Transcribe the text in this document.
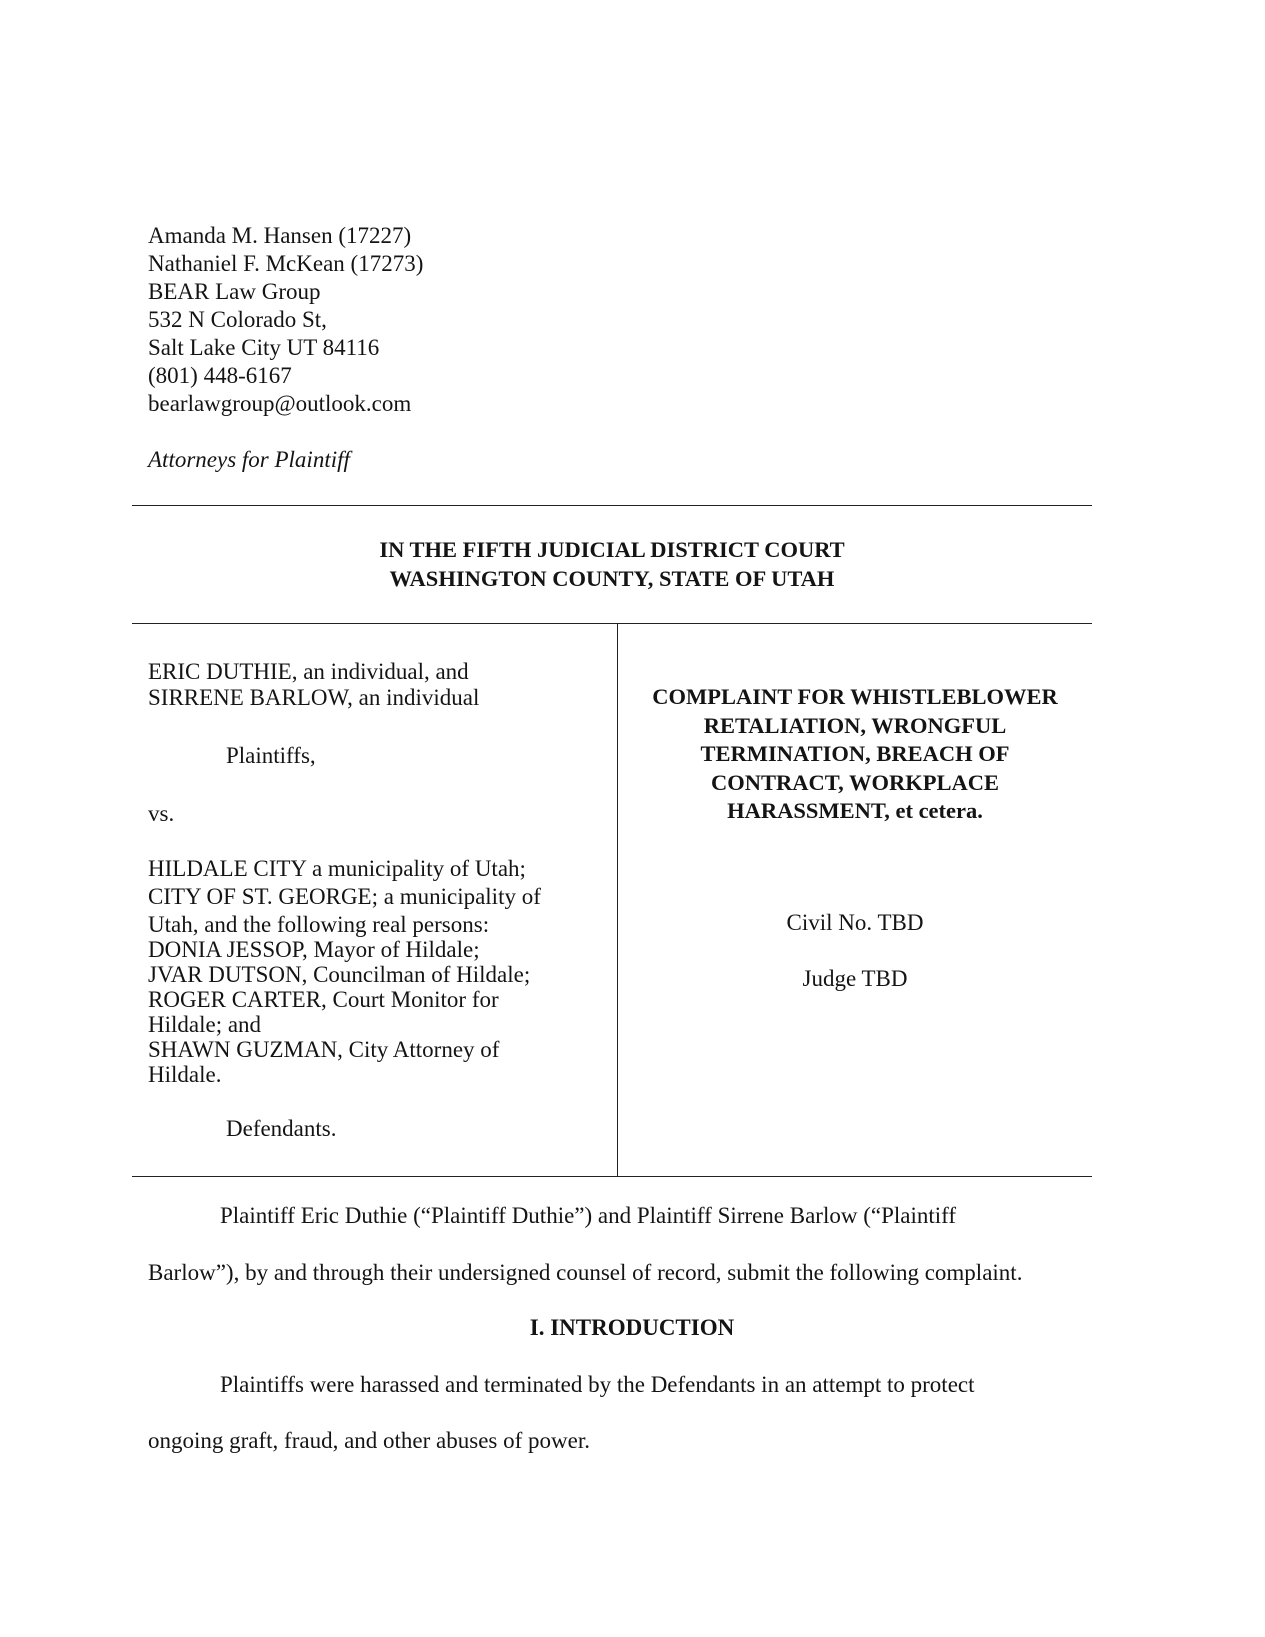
Amanda M. Hansen (17227)
Nathaniel F. McKean (17273)
BEAR Law Group
532 N Colorado St,
Salt Lake City UT 84116
(801) 448-6167
bearlawgroup@outlook.com
Attorneys for Plaintiff
IN THE FIFTH JUDICIAL DISTRICT COURT
WASHINGTON COUNTY, STATE OF UTAH
ERIC DUTHIE, an individual, and
SIRRENE BARLOW, an individual
Plaintiffs,
vs.
HILDALE CITY a municipality of Utah;
CITY OF ST. GEORGE; a municipality of
Utah, and the following real persons:
DONIA JESSOP, Mayor of Hildale;
JVAR DUTSON, Councilman of Hildale;
ROGER CARTER, Court Monitor for
Hildale; and
SHAWN GUZMAN, City Attorney of
Hildale.
Defendants.
COMPLAINT FOR WHISTLEBLOWER
RETALIATION, WRONGFUL
TERMINATION, BREACH OF
CONTRACT, WORKPLACE
HARASSMENT, et cetera.
Civil No. TBD
Judge TBD
Plaintiff Eric Duthie (“Plaintiff Duthie”) and Plaintiff Sirrene Barlow (“Plaintiff
Barlow”), by and through their undersigned counsel of record, submit the following complaint.
I. INTRODUCTION
Plaintiffs were harassed and terminated by the Defendants in an attempt to protect
ongoing graft, fraud, and other abuses of power.
